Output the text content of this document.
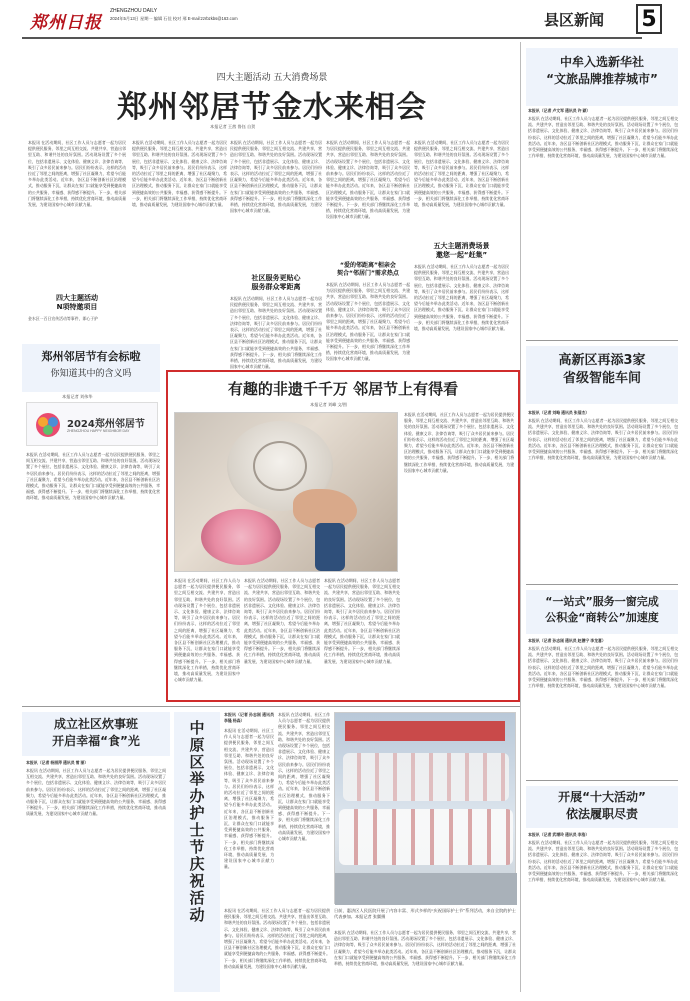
郑州日报
ZHENGZHOU DAILY
2024年5月13日 星期一 编辑 石佳 校对 邢 E-mail:zzrbzkbs@163.com	县区新闻 5
四大主题活动 五大消费场景
郑州邻居节金水来相会
本报记者 王茜 鲁钰 自贺
本报讯 在活动期间，社区工作人员与志愿者一起为居民提供便民服务，邻里之间互相交流、共建共享，营造出邻里互助、和谐共处的良好氛围。活动现场设置了多个展位，包括非遗展示、文化体验、健康义诊、法律咨询等，吸引了众多居民前来参与。居民们纷纷表示，这样的活动拉近了邻里之间的距离，增强了社区凝聚力，希望今后能多举办此类活动。近年来，各区县不断创新社区治理模式，推动服务下沉，让群众在家门口就能享受到便捷高效的公共服务，幸福感、获得感不断提升。下一步，相关部门将继续深化工作举措，持续优化营商环境，推动高质量发展，为建设国家中心城市贡献力量。
四大主题活动
N项特邀项目
金水区一百日宣传活动等事件，即心于护
本报讯 在活动期间，社区工作人员与志愿者一起为居民提供便民服务，邻里之间互相交流、共建共享，营造出邻里互助、和谐共处的良好氛围。活动现场设置了多个展位，包括非遗展示、文化体验、健康义诊、法律咨询等，吸引了众多居民前来参与。居民们纷纷表示，这样的活动拉近了邻里之间的距离，增强了社区凝聚力，希望今后能多举办此类活动。近年来，各区县不断创新社区治理模式，推动服务下沉，让群众在家门口就能享受到便捷高效的公共服务，幸福感、获得感不断提升。下一步，相关部门将继续深化工作举措，持续优化营商环境，推动高质量发展，为建设国家中心城市贡献力量。
本报讯 在活动期间，社区工作人员与志愿者一起为居民提供便民服务，邻里之间互相交流、共建共享，营造出邻里互助、和谐共处的良好氛围。活动现场设置了多个展位，包括非遗展示、文化体验、健康义诊、法律咨询等，吸引了众多居民前来参与。居民们纷纷表示，这样的活动拉近了邻里之间的距离，增强了社区凝聚力，希望今后能多举办此类活动。近年来，各区县不断创新社区治理模式，推动服务下沉，让群众在家门口就能享受到便捷高效的公共服务，幸福感、获得感不断提升。下一步，相关部门将继续深化工作举措，持续优化营商环境，推动高质量发展，为建设国家中心城市贡献力量。
社区服务更贴心
服务群众零距离
本报讯 在活动期间，社区工作人员与志愿者一起为居民提供便民服务，邻里之间互相交流、共建共享，营造出邻里互助、和谐共处的良好氛围。活动现场设置了多个展位，包括非遗展示、文化体验、健康义诊、法律咨询等，吸引了众多居民前来参与。居民们纷纷表示，这样的活动拉近了邻里之间的距离，增强了社区凝聚力，希望今后能多举办此类活动。近年来，各区县不断创新社区治理模式，推动服务下沉，让群众在家门口就能享受到便捷高效的公共服务，幸福感、获得感不断提升。下一步，相关部门将继续深化工作举措，持续优化营商环境，推动高质量发展，为建设国家中心城市贡献力量。
本报讯 在活动期间，社区工作人员与志愿者一起为居民提供便民服务，邻里之间互相交流、共建共享，营造出邻里互助、和谐共处的良好氛围。活动现场设置了多个展位，包括非遗展示、文化体验、健康义诊、法律咨询等，吸引了众多居民前来参与。居民们纷纷表示，这样的活动拉近了邻里之间的距离，增强了社区凝聚力，希望今后能多举办此类活动。近年来，各区县不断创新社区治理模式，推动服务下沉，让群众在家门口就能享受到便捷高效的公共服务，幸福感、获得感不断提升。下一步，相关部门将继续深化工作举措，持续优化营商环境，推动高质量发展，为建设国家中心城市贡献力量。
“爱的邻距离”相亲会
契合“邻居门”需求热点
本报讯 在活动期间，社区工作人员与志愿者一起为居民提供便民服务，邻里之间互相交流、共建共享，营造出邻里互助、和谐共处的良好氛围。活动现场设置了多个展位，包括非遗展示、文化体验、健康义诊、法律咨询等，吸引了众多居民前来参与。居民们纷纷表示，这样的活动拉近了邻里之间的距离，增强了社区凝聚力，希望今后能多举办此类活动。近年来，各区县不断创新社区治理模式，推动服务下沉，让群众在家门口就能享受到便捷高效的公共服务，幸福感、获得感不断提升。下一步，相关部门将继续深化工作举措，持续优化营商环境，推动高质量发展，为建设国家中心城市贡献力量。
本报讯 在活动期间，社区工作人员与志愿者一起为居民提供便民服务，邻里之间互相交流、共建共享，营造出邻里互助、和谐共处的良好氛围。活动现场设置了多个展位，包括非遗展示、文化体验、健康义诊、法律咨询等，吸引了众多居民前来参与。居民们纷纷表示，这样的活动拉近了邻里之间的距离，增强了社区凝聚力，希望今后能多举办此类活动。近年来，各区县不断创新社区治理模式，推动服务下沉，让群众在家门口就能享受到便捷高效的公共服务，幸福感、获得感不断提升。下一步，相关部门将继续深化工作举措，持续优化营商环境，推动高质量发展，为建设国家中心城市贡献力量。
五大主题消费场景
邀您一起“赶集”
本报讯 在活动期间，社区工作人员与志愿者一起为居民提供便民服务，邻里之间互相交流、共建共享，营造出邻里互助、和谐共处的良好氛围。活动现场设置了多个展位，包括非遗展示、文化体验、健康义诊、法律咨询等，吸引了众多居民前来参与。居民们纷纷表示，这样的活动拉近了邻里之间的距离，增强了社区凝聚力，希望今后能多举办此类活动。近年来，各区县不断创新社区治理模式，推动服务下沉，让群众在家门口就能享受到便捷高效的公共服务，幸福感、获得感不断提升。下一步，相关部门将继续深化工作举措，持续优化营商环境，推动高质量发展，为建设国家中心城市贡献力量。
中牟入选新华社
“文旅品牌推荐城市”
本报讯（记者 卢文军 通讯员 许 颖）
本报讯 在活动期间，社区工作人员与志愿者一起为居民提供便民服务，邻里之间互相交流、共建共享，营造出邻里互助、和谐共处的良好氛围。活动现场设置了多个展位，包括非遗展示、文化体验、健康义诊、法律咨询等，吸引了众多居民前来参与。居民们纷纷表示，这样的活动拉近了邻里之间的距离，增强了社区凝聚力，希望今后能多举办此类活动。近年来，各区县不断创新社区治理模式，推动服务下沉，让群众在家门口就能享受到便捷高效的公共服务，幸福感、获得感不断提升。下一步，相关部门将继续深化工作举措，持续优化营商环境，推动高质量发展，为建设国家中心城市贡献力量。
郑州邻居节有会标啦
你知道其中的含义吗
本报记者 刘伟华
2024郑州邻居节
ZHENGZHOU HAPPY NEIGHBOR DAY
本报讯 在活动期间，社区工作人员与志愿者一起为居民提供便民服务，邻里之间互相交流、共建共享，营造出邻里互助、和谐共处的良好氛围。活动现场设置了多个展位，包括非遗展示、文化体验、健康义诊、法律咨询等，吸引了众多居民前来参与。居民们纷纷表示，这样的活动拉近了邻里之间的距离，增强了社区凝聚力，希望今后能多举办此类活动。近年来，各区县不断创新社区治理模式，推动服务下沉，让群众在家门口就能享受到便捷高效的公共服务，幸福感、获得感不断提升。下一步，相关部门将继续深化工作举措，持续优化营商环境，推动高质量发展，为建设国家中心城市贡献力量。
有趣的非遗千千万 邻居节上有得看
本报记者 刘峰 文/图
本报讯 在活动期间，社区工作人员与志愿者一起为居民提供便民服务，邻里之间互相交流、共建共享，营造出邻里互助、和谐共处的良好氛围。活动现场设置了多个展位，包括非遗展示、文化体验、健康义诊、法律咨询等，吸引了众多居民前来参与。居民们纷纷表示，这样的活动拉近了邻里之间的距离，增强了社区凝聚力，希望今后能多举办此类活动。近年来，各区县不断创新社区治理模式，推动服务下沉，让群众在家门口就能享受到便捷高效的公共服务，幸福感、获得感不断提升。下一步，相关部门将继续深化工作举措，持续优化营商环境，推动高质量发展，为建设国家中心城市贡献力量。
本报讯 在活动期间，社区工作人员与志愿者一起为居民提供便民服务，邻里之间互相交流、共建共享，营造出邻里互助、和谐共处的良好氛围。活动现场设置了多个展位，包括非遗展示、文化体验、健康义诊、法律咨询等，吸引了众多居民前来参与。居民们纷纷表示，这样的活动拉近了邻里之间的距离，增强了社区凝聚力，希望今后能多举办此类活动。近年来，各区县不断创新社区治理模式，推动服务下沉，让群众在家门口就能享受到便捷高效的公共服务，幸福感、获得感不断提升。下一步，相关部门将继续深化工作举措，持续优化营商环境，推动高质量发展，为建设国家中心城市贡献力量。
本报讯 在活动期间，社区工作人员与志愿者一起为居民提供便民服务，邻里之间互相交流、共建共享，营造出邻里互助、和谐共处的良好氛围。活动现场设置了多个展位，包括非遗展示、文化体验、健康义诊、法律咨询等，吸引了众多居民前来参与。居民们纷纷表示，这样的活动拉近了邻里之间的距离，增强了社区凝聚力，希望今后能多举办此类活动。近年来，各区县不断创新社区治理模式，推动服务下沉，让群众在家门口就能享受到便捷高效的公共服务，幸福感、获得感不断提升。下一步，相关部门将继续深化工作举措，持续优化营商环境，推动高质量发展，为建设国家中心城市贡献力量。
本报讯 在活动期间，社区工作人员与志愿者一起为居民提供便民服务，邻里之间互相交流、共建共享，营造出邻里互助、和谐共处的良好氛围。活动现场设置了多个展位，包括非遗展示、文化体验、健康义诊、法律咨询等，吸引了众多居民前来参与。居民们纷纷表示，这样的活动拉近了邻里之间的距离，增强了社区凝聚力，希望今后能多举办此类活动。近年来，各区县不断创新社区治理模式，推动服务下沉，让群众在家门口就能享受到便捷高效的公共服务，幸福感、获得感不断提升。下一步，相关部门将继续深化工作举措，持续优化营商环境，推动高质量发展，为建设国家中心城市贡献力量。
高新区再添3家
省级智能车间
本报讯（记者 刘略 通讯员 张蓓杰）
本报讯 在活动期间，社区工作人员与志愿者一起为居民提供便民服务，邻里之间互相交流、共建共享，营造出邻里互助、和谐共处的良好氛围。活动现场设置了多个展位，包括非遗展示、文化体验、健康义诊、法律咨询等，吸引了众多居民前来参与。居民们纷纷表示，这样的活动拉近了邻里之间的距离，增强了社区凝聚力，希望今后能多举办此类活动。近年来，各区县不断创新社区治理模式，推动服务下沉，让群众在家门口就能享受到便捷高效的公共服务，幸福感、获得感不断提升。下一步，相关部门将继续深化工作举措，持续优化营商环境，推动高质量发展，为建设国家中心城市贡献力量。
“一站式”服务一窗完成
公积金“商转公”加速度
本报讯（记者 孙志刚 通讯员 赵德宁 李龙喜）
本报讯 在活动期间，社区工作人员与志愿者一起为居民提供便民服务，邻里之间互相交流、共建共享，营造出邻里互助、和谐共处的良好氛围。活动现场设置了多个展位，包括非遗展示、文化体验、健康义诊、法律咨询等，吸引了众多居民前来参与。居民们纷纷表示，这样的活动拉近了邻里之间的距离，增强了社区凝聚力，希望今后能多举办此类活动。近年来，各区县不断创新社区治理模式，推动服务下沉，让群众在家门口就能享受到便捷高效的公共服务，幸福感、获得感不断提升。下一步，相关部门将继续深化工作举措，持续优化营商环境，推动高质量发展，为建设国家中心城市贡献力量。
开展“十大活动”
依法履职尽责
本报讯（记者 武增玲 通讯员 李浩）
本报讯 在活动期间，社区工作人员与志愿者一起为居民提供便民服务，邻里之间互相交流、共建共享，营造出邻里互助、和谐共处的良好氛围。活动现场设置了多个展位，包括非遗展示、文化体验、健康义诊、法律咨询等，吸引了众多居民前来参与。居民们纷纷表示，这样的活动拉近了邻里之间的距离，增强了社区凝聚力，希望今后能多举办此类活动。近年来，各区县不断创新社区治理模式，推动服务下沉，让群众在家门口就能享受到便捷高效的公共服务，幸福感、获得感不断提升。下一步，相关部门将继续深化工作举措，持续优化营商环境，推动高质量发展，为建设国家中心城市贡献力量。
成立社区炊事班
开启幸福“食”光
本报讯（记者 杨丽萍 通讯员 雪 丽）
本报讯 在活动期间，社区工作人员与志愿者一起为居民提供便民服务，邻里之间互相交流、共建共享，营造出邻里互助、和谐共处的良好氛围。活动现场设置了多个展位，包括非遗展示、文化体验、健康义诊、法律咨询等，吸引了众多居民前来参与。居民们纷纷表示，这样的活动拉近了邻里之间的距离，增强了社区凝聚力，希望今后能多举办此类活动。近年来，各区县不断创新社区治理模式，推动服务下沉，让群众在家门口就能享受到便捷高效的公共服务，幸福感、获得感不断提升。下一步，相关部门将继续深化工作举措，持续优化营商环境，推动高质量发展，为建设国家中心城市贡献力量。	中原区举办护士节庆祝活动
本报讯（记者 孙志刚 通讯员 李隆 杨森）
本报讯 在活动期间，社区工作人员与志愿者一起为居民提供便民服务，邻里之间互相交流、共建共享，营造出邻里互助、和谐共处的良好氛围。活动现场设置了多个展位，包括非遗展示、文化体验、健康义诊、法律咨询等，吸引了众多居民前来参与。居民们纷纷表示，这样的活动拉近了邻里之间的距离，增强了社区凝聚力，希望今后能多举办此类活动。近年来，各区县不断创新社区治理模式，推动服务下沉，让群众在家门口就能享受到便捷高效的公共服务，幸福感、获得感不断提升。下一步，相关部门将继续深化工作举措，持续优化营商环境，推动高质量发展，为建设国家中心城市贡献力量。
本报讯 在活动期间，社区工作人员与志愿者一起为居民提供便民服务，邻里之间互相交流、共建共享，营造出邻里互助、和谐共处的良好氛围。活动现场设置了多个展位，包括非遗展示、文化体验、健康义诊、法律咨询等，吸引了众多居民前来参与。居民们纷纷表示，这样的活动拉近了邻里之间的距离，增强了社区凝聚力，希望今后能多举办此类活动。近年来，各区县不断创新社区治理模式，推动服务下沉，让群众在家门口就能享受到便捷高效的公共服务，幸福感、获得感不断提升。下一步，相关部门将继续深化工作举措，持续优化营商环境，推动高质量发展，为建设国家中心城市贡献力量。
日前，惠济区人民医院开展了内容丰富、形式多样的“庆祝国际护士节”系列活动，来自全院的护士代表参加。本报记者 张翼摄
本报讯 在活动期间，社区工作人员与志愿者一起为居民提供便民服务，邻里之间互相交流、共建共享，营造出邻里互助、和谐共处的良好氛围。活动现场设置了多个展位，包括非遗展示、文化体验、健康义诊、法律咨询等，吸引了众多居民前来参与。居民们纷纷表示，这样的活动拉近了邻里之间的距离，增强了社区凝聚力，希望今后能多举办此类活动。近年来，各区县不断创新社区治理模式，推动服务下沉，让群众在家门口就能享受到便捷高效的公共服务，幸福感、获得感不断提升。下一步，相关部门将继续深化工作举措，持续优化营商环境，推动高质量发展，为建设国家中心城市贡献力量。
本报讯 在活动期间，社区工作人员与志愿者一起为居民提供便民服务，邻里之间互相交流、共建共享，营造出邻里互助、和谐共处的良好氛围。活动现场设置了多个展位，包括非遗展示、文化体验、健康义诊、法律咨询等，吸引了众多居民前来参与。居民们纷纷表示，这样的活动拉近了邻里之间的距离，增强了社区凝聚力，希望今后能多举办此类活动。近年来，各区县不断创新社区治理模式，推动服务下沉，让群众在家门口就能享受到便捷高效的公共服务，幸福感、获得感不断提升。下一步，相关部门将继续深化工作举措，持续优化营商环境，推动高质量发展，为建设国家中心城市贡献力量。
